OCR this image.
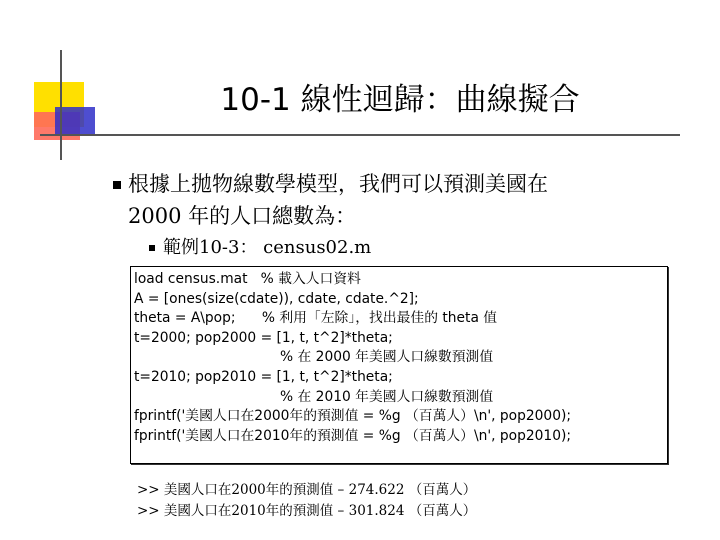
10-1 線性迴歸：曲線擬合
根據上拋物線數學模型，我們可以預測美國在
2000 年的人口總數為：
範例10-3： census02.m
load census.mat   % 載入人口資料
A = [ones(size(cdate)), cdate, cdate.^2];
theta = A\pop;      % 利用「左除」，找出最佳的 theta 值
t=2000; pop2000 = [1, t, t^2]*theta;
% 在 2000 年美國人口線數預測值
t=2010; pop2010 = [1, t, t^2]*theta;
% 在 2010 年美國人口線數預測值
fprintf('美國人口在2000年的預測值 = %g （百萬人）\n', pop2000);
fprintf('美國人口在2010年的預測值 = %g （百萬人）\n', pop2010);
>> 美國人口在2000年的預測值 – 274.622 （百萬人）
>> 美國人口在2010年的預測值 – 301.824 （百萬人）
